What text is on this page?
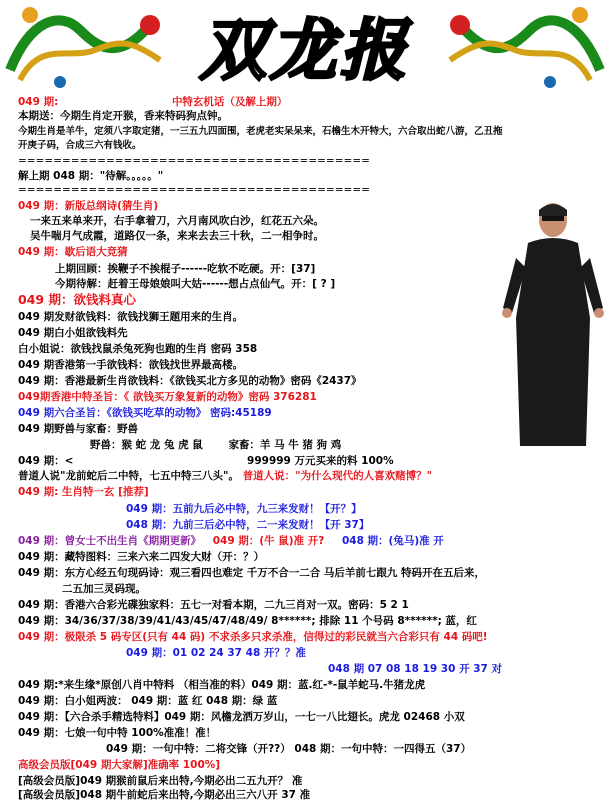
双龙报
049 期:	中特玄机话（及解上期）
本期送：今期生肖定开猴，香来特码狗点钟。
今期生肖是羊牛，定须八字取定猪，一三五九四面围，老虎老实呆呆来，石檐生木开特大，六合取出蛇八游，乙丑拖
开庚子码，合成三六有钱收。
========================================
解上期 048 期："待解。。。。。"
========================================
049 期：新版总纲诗(猜生肖)
一来五来单来开，右手拿着刀，六月南风吹白沙，红花五六朵。
吴牛喘月气成霞，道路仅一条，来来去去三十秋，二一相争时。
049 期：歇后语大竞猜
上期回顾：挨鞭子不挨棍子------吃软不吃硬。开：[37]
今期待解：赶着王母娘娘叫大姑------想占点仙气。开：[ ? ]
049 期：欲钱料真心
049 期发财欲钱料：欲钱找狮王题用来的生肖。
049 期白小姐欲钱料先
白小姐说：欲钱找鼠杀兔死狗也跑的生肖 密码 358
049 期香港第一手欲钱料：欲钱找世界最高楼。
049 期：香港最新生肖欲钱料：《欲钱买北方多见的动物》密码《2437》
049期香港中特圣旨：《 欲钱买万象复新的动物》密码 376281
049 期六合圣旨：《欲钱买吃草的动物》 密码:45189
049 期野兽与家畜：野兽
野兽：猴 蛇 龙 兔 虎 鼠 家畜：羊 马 牛 猪 狗 鸡
049 期：<	999999 万元买来的料 100%
普道人说"龙前蛇后二中特，七五中特三八头"。 普道人说："为什么现代的人喜欢赌博？"
049 期: 生肖特一玄 [推荐]
049 期：五前九后必中特，九三来发财！【开？】
048 期：九前三后必中特，二一来发财！【开 37】
049 期：曾女士不出生肖《期期更新》 049 期：(牛 鼠)准 开? 048 期：(兔马)准 开
049 期：藏特图料：三来六来二四发大财（开：？）
049 期：东方心经五句现码诗：观三看四也难定 千万不合一二合 马后羊前七跟九 特码开在五后来，
二五加三灵码现。
049 期：香港六合彩光碟独家料：五七一对看本期，二九三肖对一双。密码：5 2 1
049 期：34/36/37/38/39/41/43/45/47/48/49/ 8******; 排除 11 个号码 8******; 蓝，红
049 期：极限杀 5 码专区(只有 44 码) 不求杀多只求杀准，信得过的彩民就当六合彩只有 44 码吧!
049 期：01 02 24 37 48 开？？准
048 期 07 08 18 19 30 开 37 对
049 期:*来生缘*原创八肖中特料 （相当准的料）049 期：蓝.红-*-鼠羊蛇马.牛猪龙虎
049 期：白小姐两波： 049 期：蓝 红 048 期：绿 蓝
049 期：【六合杀手精选特料】049 期：风檐龙洒万岁山，一七一八比翅长。虎龙 02468 小双
049 期：七娘一句中特 100%准准！准！
049 期：一句中特：二将交锋（开??） 048 期：一句中特：一四得五（37）
高级会员版[049 期大家解]准确率 100%]
[高级会员版]049 期猴前鼠后来出特,今期必出二五九开？ 准
[高级会员版]048 期牛前蛇后来出特,今期必出三六八开 37 准
